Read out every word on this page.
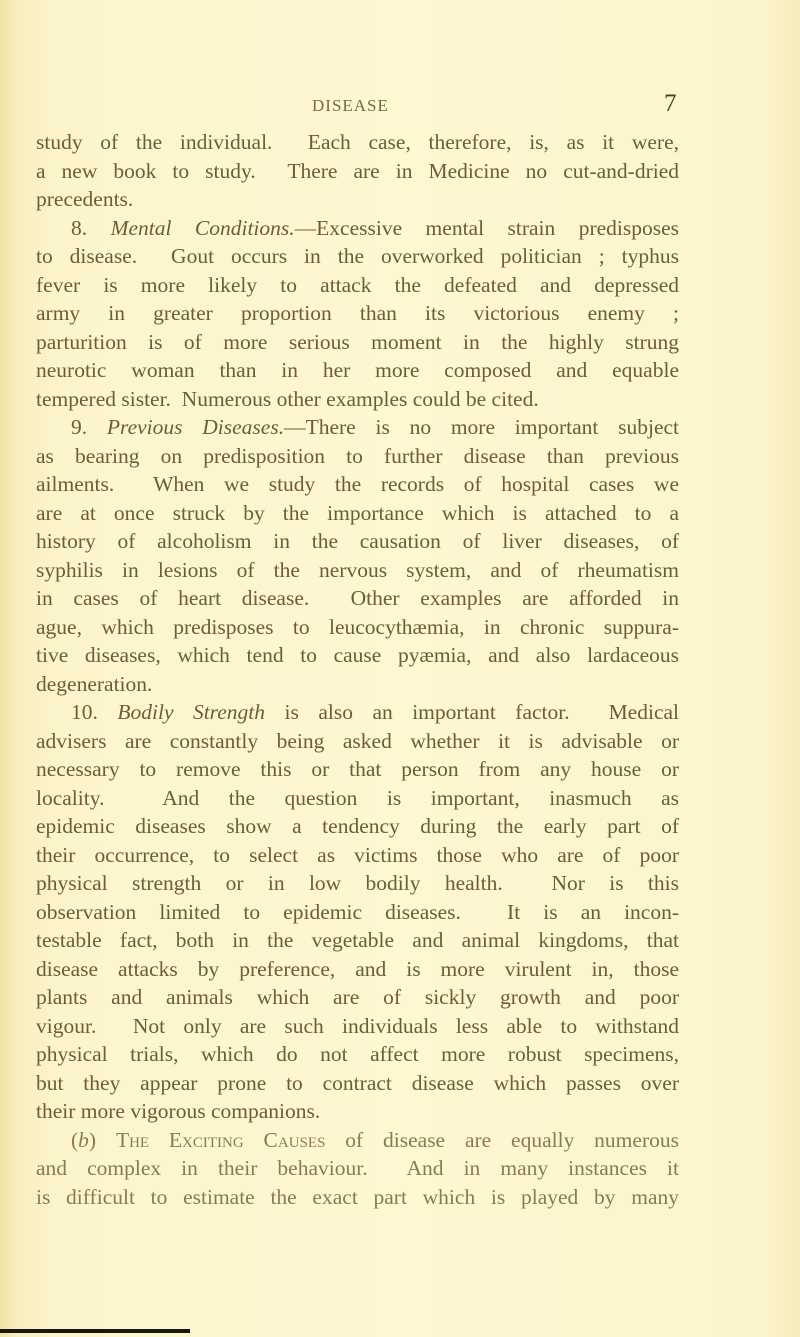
DISEASE	7
study of the individual.  Each case, therefore, is, as it were,
a new book to study.  There are in Medicine no cut-and-dried
precedents.
8. Mental Conditions.—Excessive mental strain predisposes
to disease.  Gout occurs in the overworked politician ; typhus
fever is more likely to attack the defeated and depressed
army in greater proportion than its victorious enemy ;
parturition is of more serious moment in the highly strung
neurotic woman than in her more composed and equable
tempered sister.  Numerous other examples could be cited.
9. Previous Diseases.—There is no more important subject
as bearing on predisposition to further disease than previous
ailments.  When we study the records of hospital cases we
are at once struck by the importance which is attached to a
history of alcoholism in the causation of liver diseases, of
syphilis in lesions of the nervous system, and of rheumatism
in cases of heart disease.  Other examples are afforded in
ague, which predisposes to leucocythæmia, in chronic suppura-
tive diseases, which tend to cause pyæmia, and also lardaceous
degeneration.
10. Bodily Strength is also an important factor.  Medical
advisers are constantly being asked whether it is advisable or
necessary to remove this or that person from any house or
locality.  And the question is important, inasmuch as
epidemic diseases show a tendency during the early part of
their occurrence, to select as victims those who are of poor
physical strength or in low bodily health.  Nor is this
observation limited to epidemic diseases.  It is an incon-
testable fact, both in the vegetable and animal kingdoms, that
disease attacks by preference, and is more virulent in, those
plants and animals which are of sickly growth and poor
vigour.  Not only are such individuals less able to withstand
physical trials, which do not affect more robust specimens,
but they appear prone to contract disease which passes over
their more vigorous companions.
(b) The Exciting Causes of disease are equally numerous
and complex in their behaviour.  And in many instances it
is difficult to estimate the exact part which is played by many
